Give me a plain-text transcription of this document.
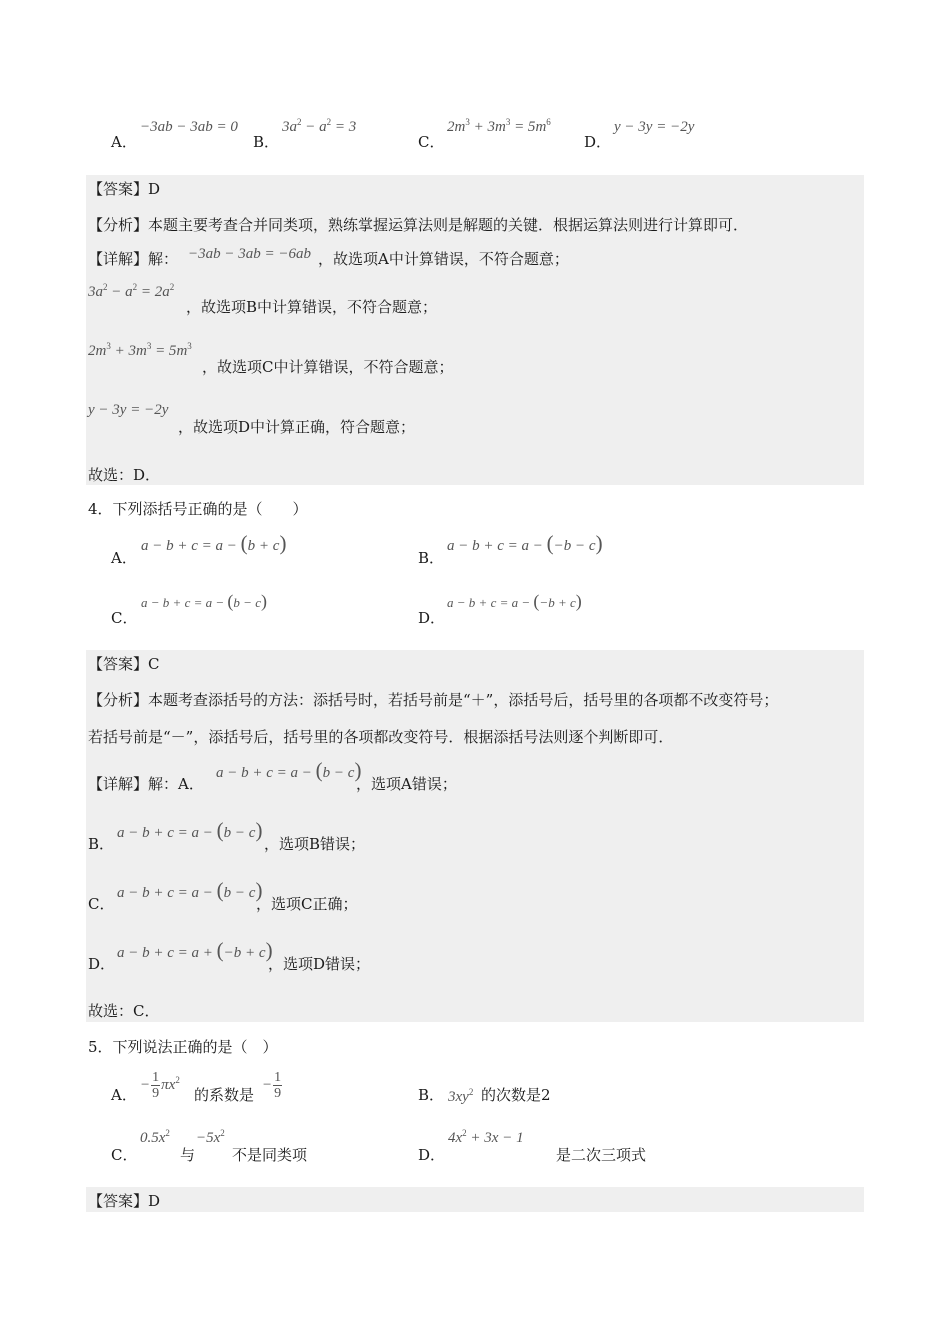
A．
−3ab − 3ab = 0
B．
$3a^2 - a^2 = 3$
C．
$2m^3 + 3m^3 = 5m^6$
D．
y − 3y = −2y
【答案】D
【分析】本题主要考查合并同类项，熟练掌握运算法则是解题的关键．根据运算法则进行计算即可．
【详解】解： −3ab − 3ab = −6ab ，故选项A中计算错误，不符合题意；
$3a^2 - a^2 = 2a^2$
，故选项B中计算错误，不符合题意；
$2m^3 + 3m^3 = 5m^3$
，故选项C中计算错误，不符合题意；
y − 3y = −2y
，故选项D中计算正确，符合题意；
故选：D．
4．下列添括号正确的是（　　）
A．
a − b + c = a − (b + c)
B．
a − b + c = a − (−b − c)
C．
a − b + c = a − (b − c)
D．
a − b + c = a − (−b + c)
【答案】C
【分析】本题考查添括号的方法：添括号时，若括号前是“＋”，添括号后，括号里的各项都不改变符号；
若括号前是“－”，添括号后，括号里的各项都改变符号．根据添括号法则逐个判断即可．
【详解】解：A．
a − b + c = a − (b − c)
，选项A错误；
B．
a − b + c = a − (b − c)
，选项B错误；
C．
a − b + c = a − (b − c)
，选项C正确；
D．
a − b + c = a + (−b + c)
，选项D错误；
故选：C．
5．下列说法正确的是（　）
A．
− $\frac{1}{9} \pi x^2$
的系数是
− $\frac{1}{9}$	B． $3xy^2$ 的次数是2
C．
$0.5x^2$
与
$-5x^2$
不是同类项	D．
$4x^2 + 3x - 1$
是二次三项式
【答案】D
